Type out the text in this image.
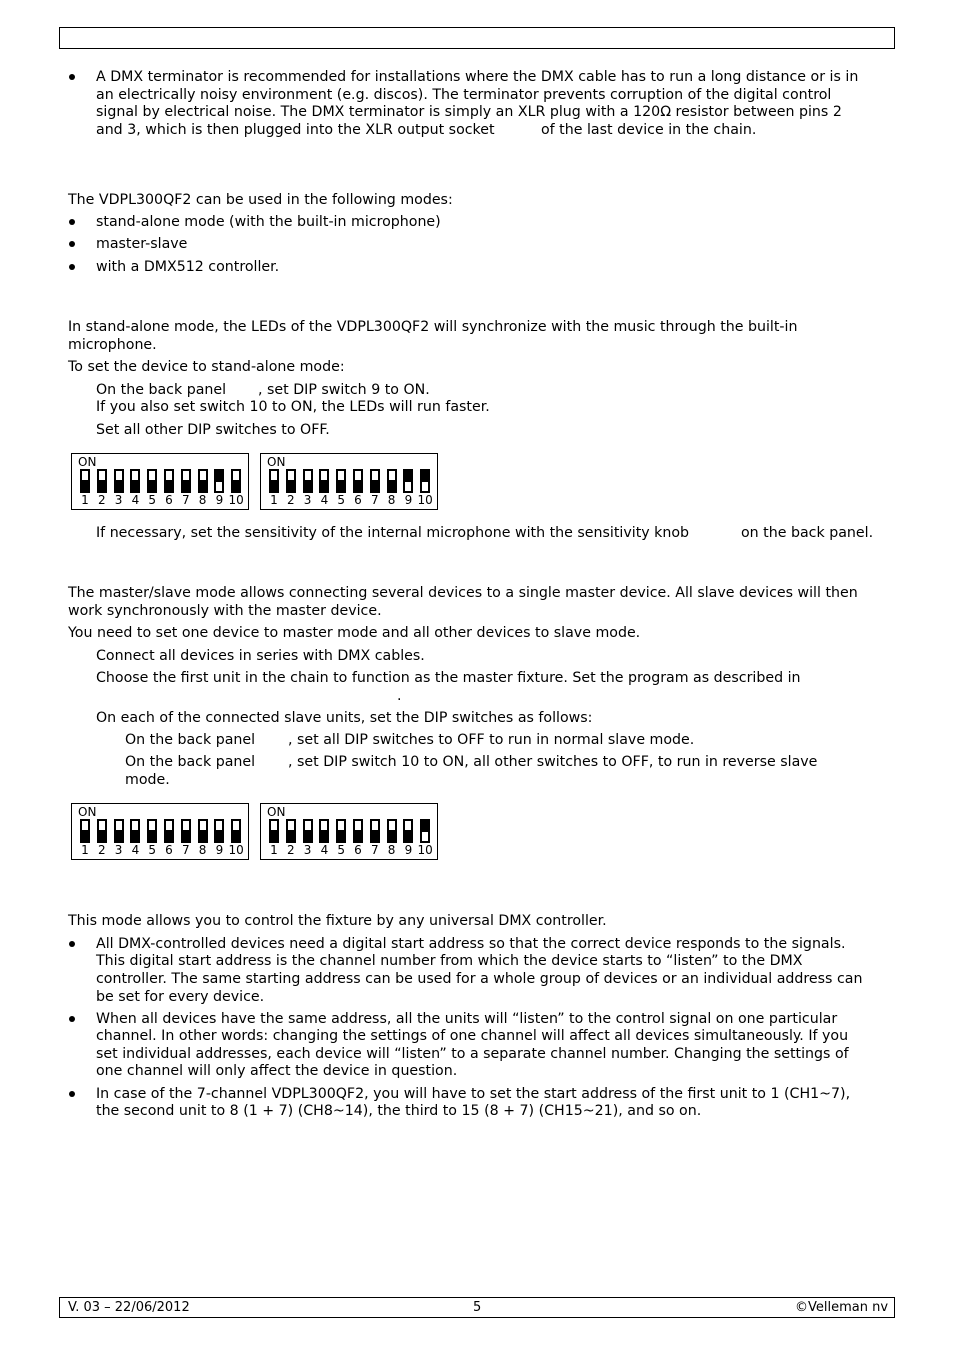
A DMX terminator is recommended for installations where the DMX cable has to run a long distance or is in
an electrically noisy environment (e.g. discos). The terminator prevents corruption of the digital control
signal by electrical noise. The DMX terminator is simply an XLR plug with a 120Ω resistor between pins 2
and 3, which is then plugged into the XLR output socket	of the last device in the chain.
The VDPL300QF2 can be used in the following modes:
stand-alone mode (with the built-in microphone)
master-slave
with a DMX512 controller.
In stand-alone mode, the LEDs of the VDPL300QF2 will synchronize with the music through the built-in
microphone.
To set the device to stand-alone mode:
On the back panel , set DIP switch 9 to ON.
If you also set switch 10 to ON, the LEDs will run faster.
Set all other DIP switches to OFF.
ON
1 2 3 4 5 6 7 8 9 10
ON
1 2 3 4 5 6 7 8 9 10
If necessary, set the sensitivity of the internal microphone with the sensitivity knob	on the back panel.
The master/slave mode allows connecting several devices to a single master device. All slave devices will then
work synchronously with the master device.
You need to set one device to master mode and all other devices to slave mode.
Connect all devices in series with DMX cables.
Choose the first unit in the chain to function as the master fixture. Set the program as described in
.
On each of the connected slave units, set the DIP switches as follows:
On the back panel , set all DIP switches to OFF to run in normal slave mode.
On the back panel , set DIP switch 10 to ON, all other switches to OFF, to run in reverse slave
mode.
ON
1 2 3 4 5 6 7 8 9 10
ON
1 2 3 4 5 6 7 8 9 10
This mode allows you to control the fixture by any universal DMX controller.
All DMX-controlled devices need a digital start address so that the correct device responds to the signals.
This digital start address is the channel number from which the device starts to “listen” to the DMX
controller. The same starting address can be used for a whole group of devices or an individual address can
be set for every device.
When all devices have the same address, all the units will “listen” to the control signal on one particular
channel. In other words: changing the settings of one channel will affect all devices simultaneously. If you
set individual addresses, each device will “listen” to a separate channel number. Changing the settings of
one channel will only affect the device in question.
In case of the 7-channel VDPL300QF2, you will have to set the start address of the first unit to 1 (CH1~7),
the second unit to 8 (1 + 7) (CH8~14), the third to 15 (8 + 7) (CH15~21), and so on.
V. 03 – 22/06/2012	5	©Velleman nv
